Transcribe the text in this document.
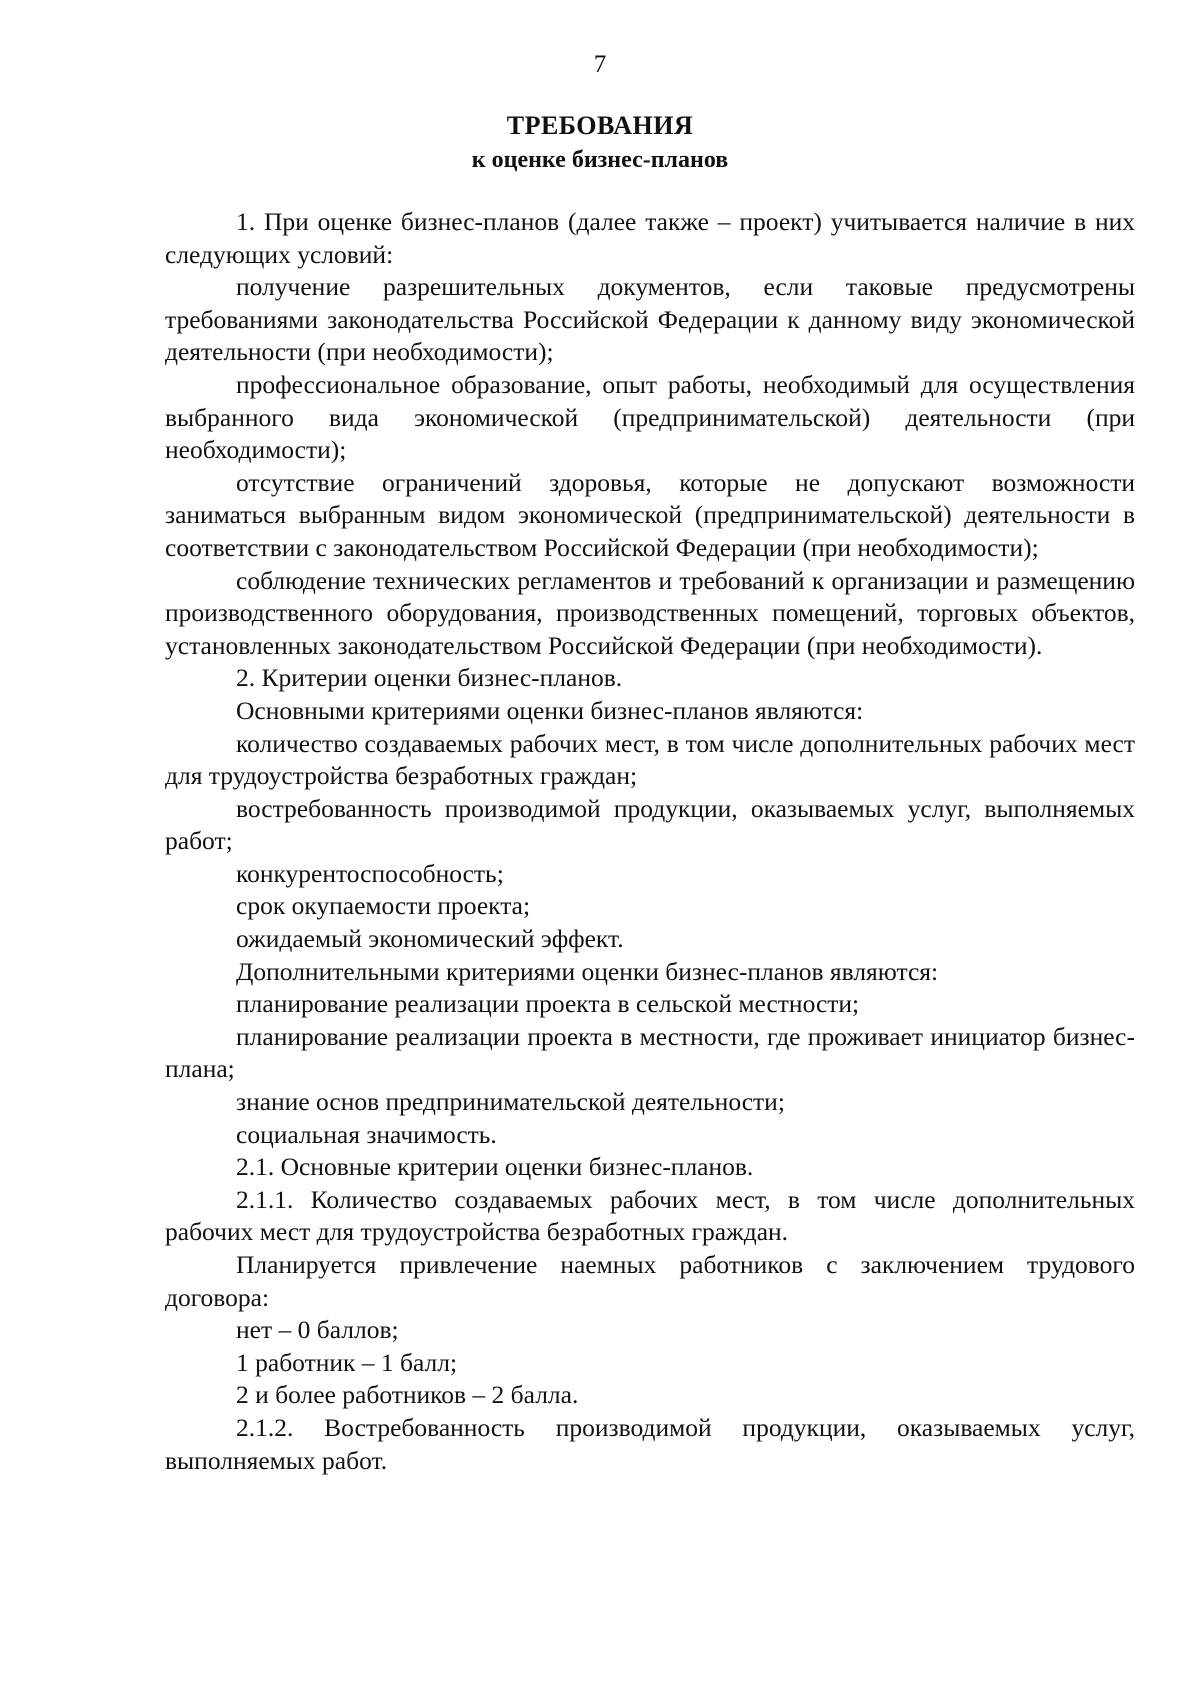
7
ТРЕБОВАНИЯ
к оценке бизнес-планов

1. При оценке бизнес-планов (далее также – проект) учитывается наличие в них следующих условий:

получение разрешительных документов, если таковые предусмотрены требованиями законодательства Российской Федерации к данному виду экономической деятельности (при необходимости);

профессиональное образование, опыт работы, необходимый для осуществления выбранного вида экономической (предпринимательской) деятельности (при необходимости);

отсутствие ограничений здоровья, которые не допускают возможности заниматься выбранным видом экономической (предпринимательской) деятельности в соответствии с законодательством Российской Федерации (при необходимости);

соблюдение технических регламентов и требований к организации и размещению производственного оборудования, производственных помещений, торговых объектов, установленных законодательством Российской Федерации (при необходимости).

2. Критерии оценки бизнес-планов.

Основными критериями оценки бизнес-планов являются:

количество создаваемых рабочих мест, в том числе дополнительных рабочих мест для трудоустройства безработных граждан;

востребованность производимой продукции, оказываемых услуг, выполняемых работ;

конкурентоспособность;

срок окупаемости проекта;

ожидаемый экономический эффект.

Дополнительными критериями оценки бизнес-планов являются:

планирование реализации проекта в сельской местности;

планирование реализации проекта в местности, где проживает инициатор бизнес-плана;

знание основ предпринимательской деятельности;

социальная значимость.

2.1. Основные критерии оценки бизнес-планов.

2.1.1. Количество создаваемых рабочих мест, в том числе дополнительных рабочих мест для трудоустройства безработных граждан.

Планируется привлечение наемных работников с заключением трудового договора:

нет – 0 баллов;

1 работник – 1 балл;

2 и более работников – 2 балла.

2.1.2. Востребованность производимой продукции, оказываемых услуг, выполняемых работ.
